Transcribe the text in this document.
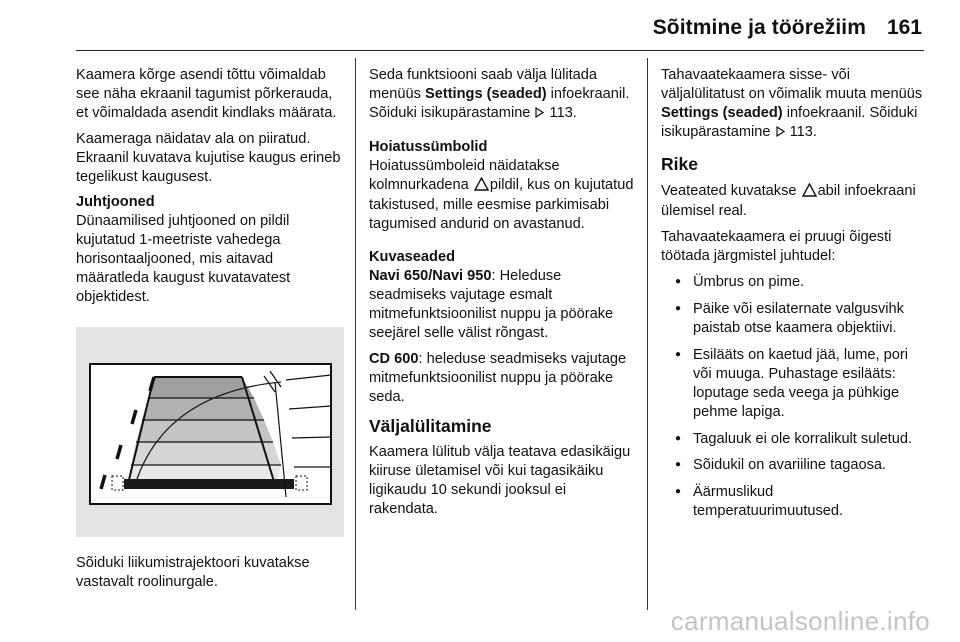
Sõitmine ja töörežiim 161

Kaamera kõrge asendi tõttu võimaldab see näha ekraanil tagumist põrkerauda, et võimaldada asendit kindlaks määrata.

Kaameraga näidatav ala on piiratud. Ekraanil kuvatava kujutise kaugus erineb tegelikust kaugusest.

Juhtjooned

Dünaamilised juhtjooned on pildil kujutatud 1-meetriste vahedega horisontaaljooned, mis aitavad määratleda kaugust kuvatavatest objektidest.

Sõiduki liikumistrajektoori kuvatakse vastavalt roolinurgale.

Seda funktsiooni saab välja lülitada menüüs Settings (seaded) infoekraanil. Sõiduki isikupärastamine  113.

Hoiatussümbolid

Hoiatussümboleid näidatakse kolmnurkadena pildil, kus on kujutatud takistused, mille eesmise parkimisabi tagumised andurid on avastanud.

Kuvaseaded

Navi 650/Navi 950: Heleduse seadmiseks vajutage esmalt mitmefunktsioonilist nuppu ja pöörake seejärel selle välist rõngast.

CD 600: heleduse seadmiseks vajutage mitmefunktsioonilist nuppu ja pöörake seda.

Väljalülitamine

Kaamera lülitub välja teatava edasikäigu kiiruse ületamisel või kui tagasikäiku ligikaudu 10 sekundi jooksul ei rakendata.

Tahavaatekaamera sisse- või väljalülitatust on võimalik muuta menüüs Settings (seaded) infoekraanil. Sõiduki isikupärastamine  113.

Rike

Veateated kuvatakse abil infoekraani ülemisel real.

Tahavaatekaamera ei pruugi õigesti töötada järgmistel juhtudel:

● Ümbrus on pime.
● Päike või esilaternate valgusvihk paistab otse kaamera objektiivi.
● Esilääts on kaetud jää, lume, pori või muuga. Puhastage esilääts: loputage seda veega ja pühkige pehme lapiga.
● Tagaluuk ei ole korralikult suletud.
● Sõidukil on avariiline tagaosa.
● Äärmuslikud temperatuurimuutused.
carmanualsonline.info
